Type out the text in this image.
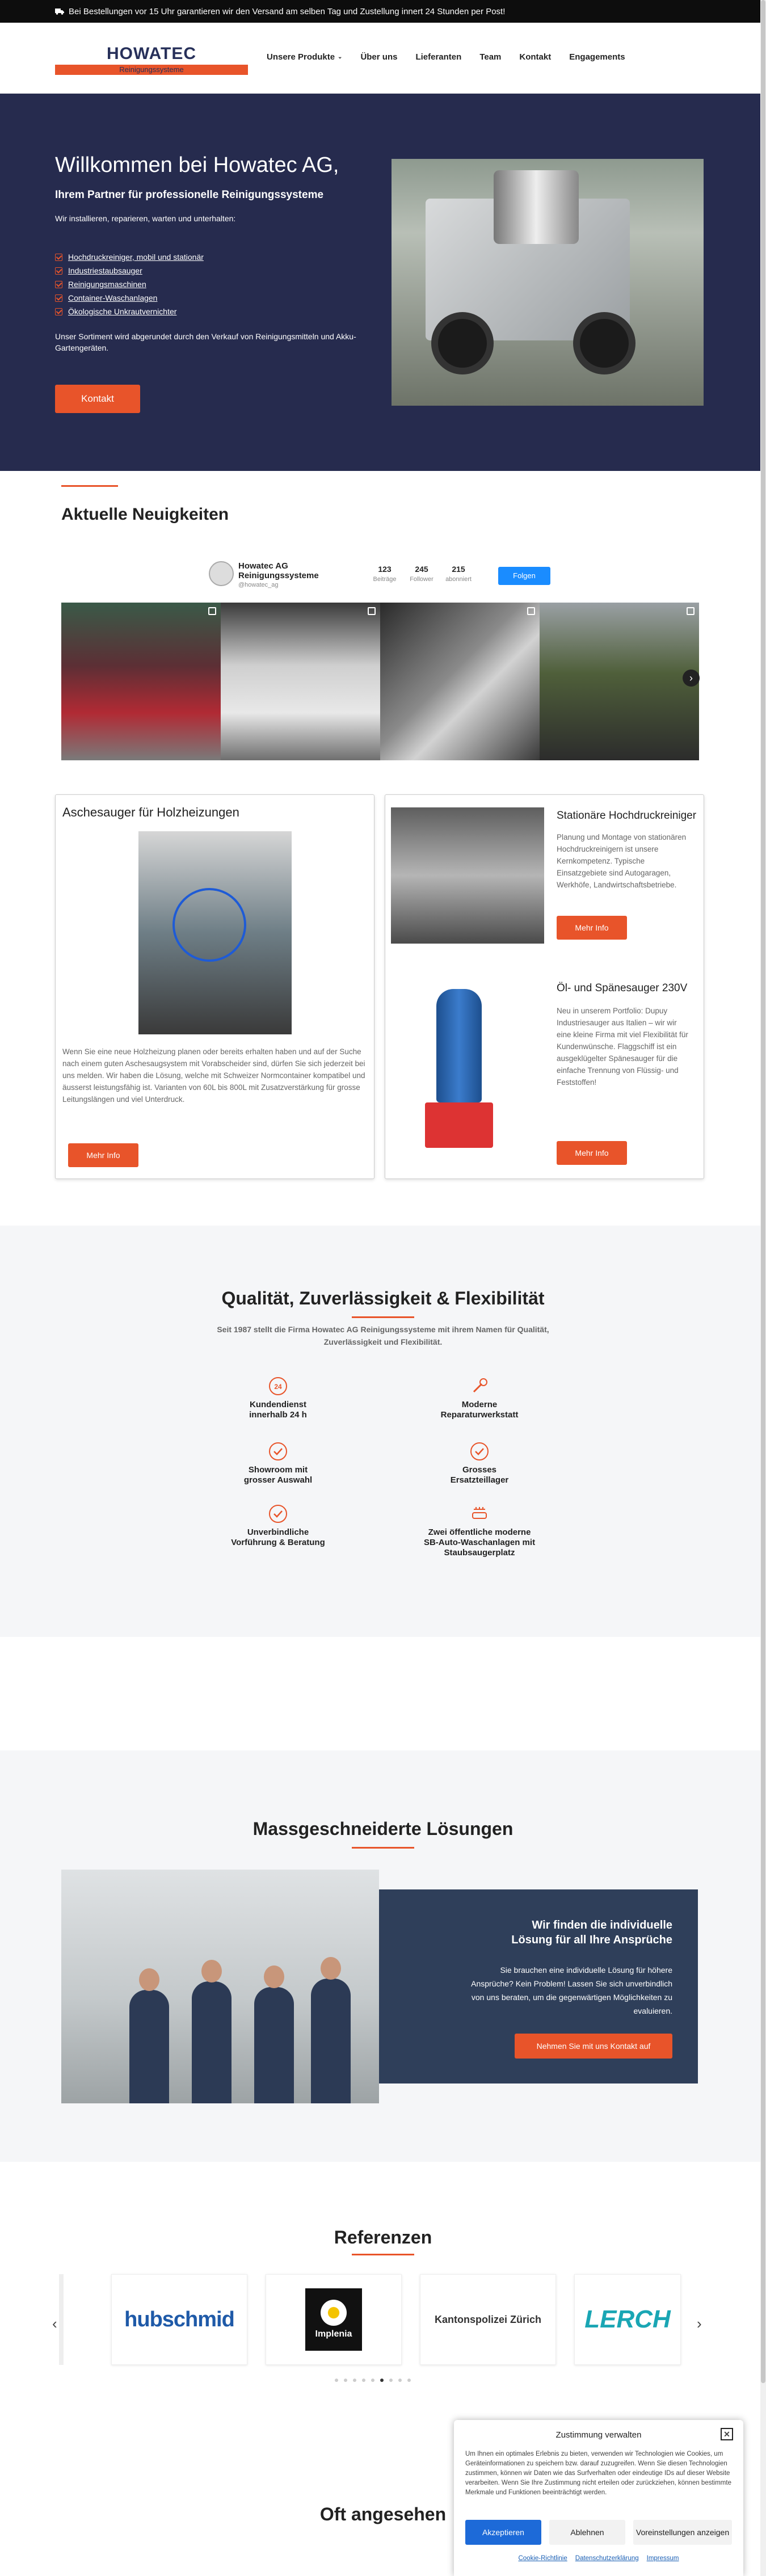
Bei Bestellungen vor 15 Uhr garantieren wir den Versand am selben Tag und Zustellung innert 24 Stunden per Post!
HOWATEC
Reinigungssysteme
Unsere Produkte ⌄ Über uns Lieferanten Team Kontakt Engagements
Willkommen bei Howatec AG,
Ihrem Partner für professionelle Reinigungssysteme
Wir installieren, reparieren, warten und unterhalten:
Hochdruckreiniger, mobil und stationär
Industriestaubsauger
Reinigungsmaschinen
Container-Waschanlagen
Ökologische Unkrautvernichter
Unser Sortiment wird abgerundet durch den Verkauf von Reinigungsmitteln und Akku-Gartengeräten.
Kontakt
Aktuelle Neuigkeiten
Howatec AG Reinigungssysteme
@howatec_ag
123
Beiträge
245
Follower
215
abonniert	Folgen
›
Aschesauger für Holzheizungen

Wenn Sie eine neue Holzheizung planen oder bereits erhalten haben und auf der Suche nach einem guten Aschesaugsystem mit Vorabscheider sind, dürfen Sie sich jederzeit bei uns melden. Wir haben die Lösung, welche mit Schweizer Normcontainer kompatibel und äusserst leistungsfähig ist. Varianten von 60L bis 800L mit Zusatzverstärkung für grosse Leitungslängen und viel Unterdruck.

Mehr Info
Stationäre Hochdruckreiniger

Planung und Montage von stationären Hochdruckreinigern ist unsere Kernkompetenz. Typische Einsatzgebiete sind Autogaragen, Werkhöfe, Landwirtschaftsbetriebe.

Mehr Info
Öl- und Spänesauger 230V

Neu in unserem Portfolio: Dupuy Industriesauger aus Italien – wir wir eine kleine Firma mit viel Flexibilität für Kundenwünsche. Flaggschiff ist ein ausgeklügelter Spänesauger für die einfache Trennung von Flüssig- und Feststoffen!

Mehr Info
Qualität, Zuverlässigkeit & Flexibilität
Seit 1987 stellt die Firma Howatec AG Reinigungssysteme mit ihrem Namen für Qualität, Zuverlässigkeit und Flexibilität.
24
Kundendienst innerhalb 24 h
Moderne Reparaturwerkstatt
Showroom mit grosser Auswahl
Grosses Ersatzteillager
Unverbindliche Vorführung & Beratung
Zwei öffentliche moderne SB-Auto-Waschanlagen mit Staubsaugerplatz
Massgeschneiderte Lösungen
Wir finden die individuelle Lösung für all Ihre Ansprüche

Sie brauchen eine individuelle Lösung für höhere Ansprüche? Kein Problem! Lassen Sie sich unverbindlich von uns beraten, um die gegenwärtigen Möglichkeiten zu evaluieren.

Nehmen Sie mit uns Kontakt auf
Referenzen
‹	hubschmid
Implenia
Kantonspolizei Zürich LERCH ›
Oft angesehen
Zustimmung verwalten	✕

Um Ihnen ein optimales Erlebnis zu bieten, verwenden wir Technologien wie Cookies, um Geräteinformationen zu speichern bzw. darauf zuzugreifen. Wenn Sie diesen Technologien zustimmen, können wir Daten wie das Surfverhalten oder eindeutige IDs auf dieser Website verarbeiten. Wenn Sie Ihre Zustimmung nicht erteilen oder zurückziehen, können bestimmte Merkmale und Funktionen beeinträchtigt werden.

Akzeptieren	Ablehnen	Voreinstellungen anzeigen
Cookie-Richtlinie Datenschutzerklärung Impressum
